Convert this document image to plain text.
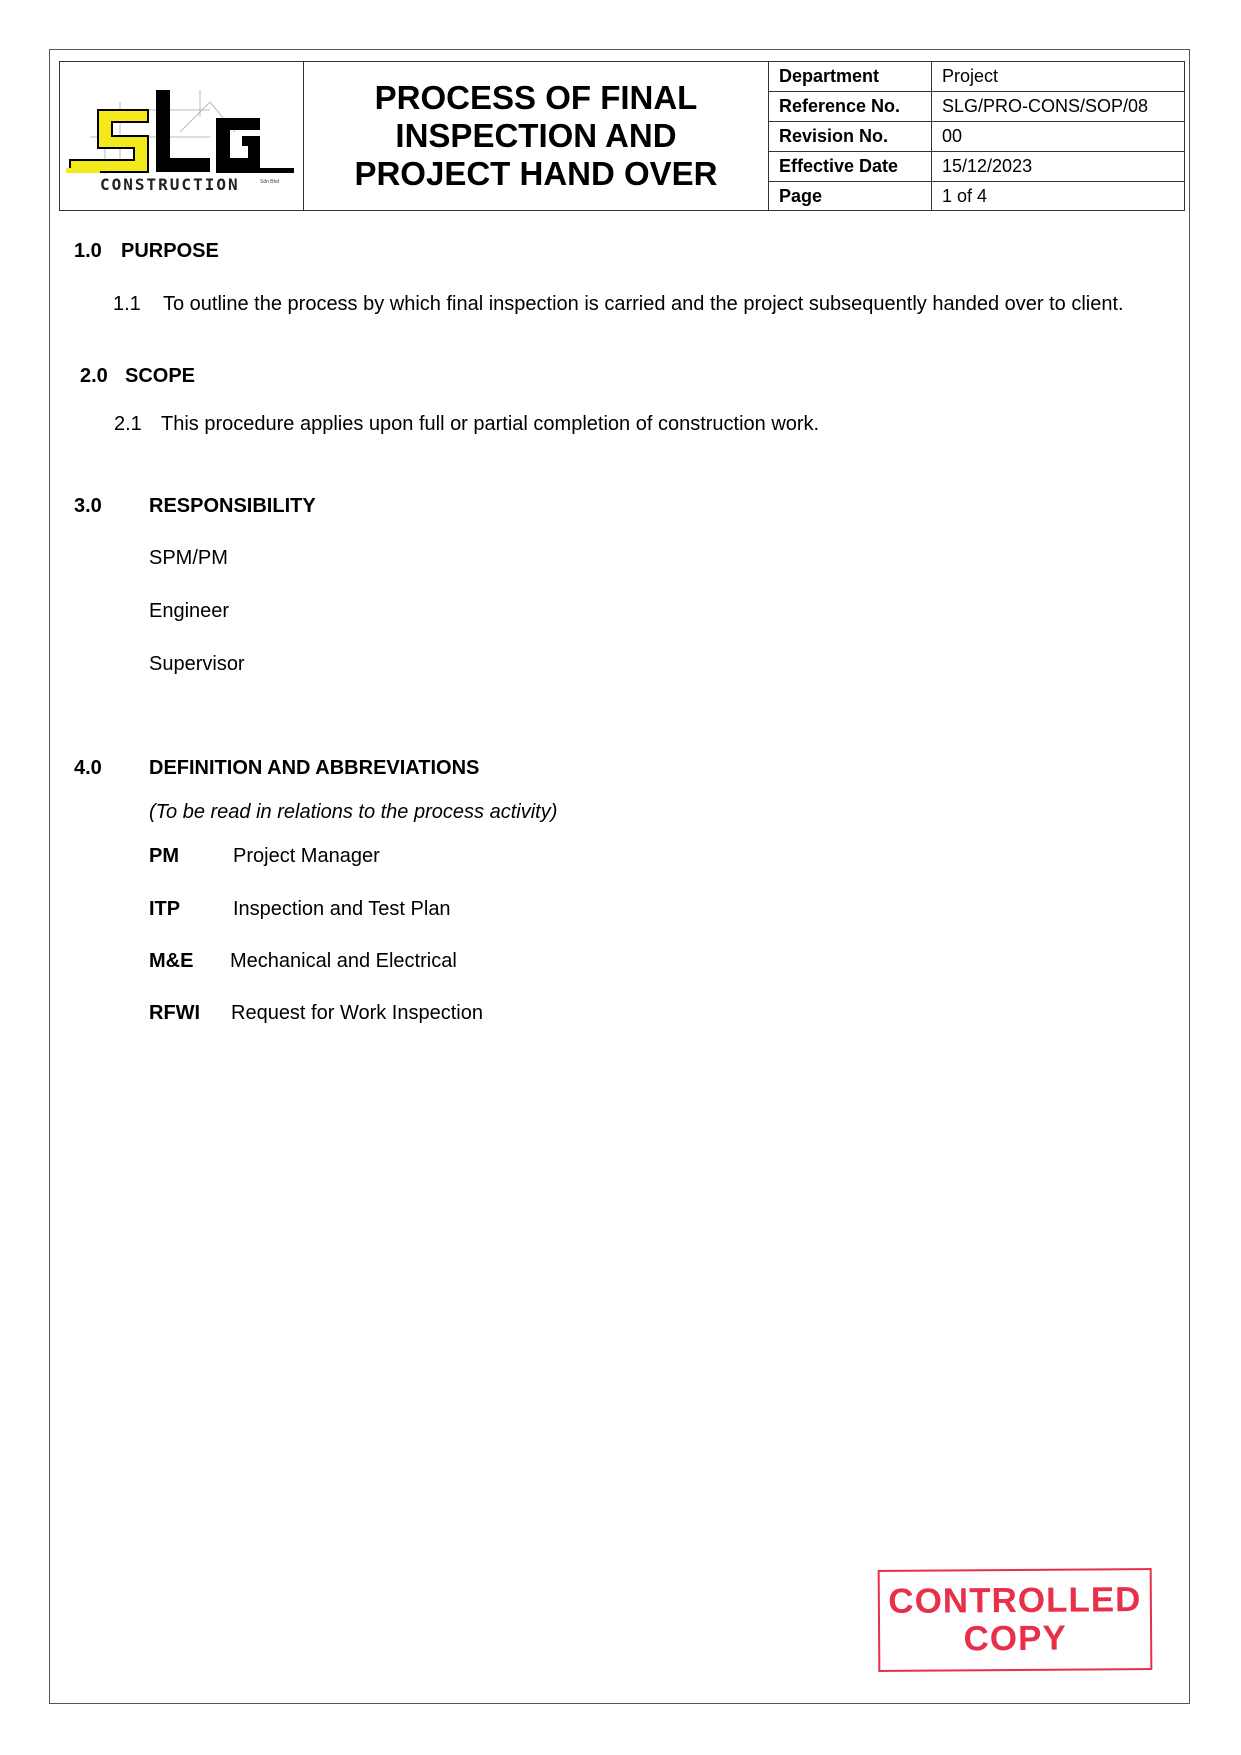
CONSTRUCTION	Sdn Bhd
PROCESS OF FINAL
INSPECTION AND
PROJECT HAND OVER
Department	Project
Reference No.	SLG/PRO-CONS/SOP/08
Revision No.	00
Effective Date	15/12/2023
Page	1 of 4
1.0 PURPOSE
1.1 To outline the process by which final inspection is carried and the project subsequently handed over to client.
2.0 SCOPE
2.1 This procedure applies upon full or partial completion of construction work.
3.0 RESPONSIBILITY
SPM/PM
Engineer
Supervisor
4.0 DEFINITION AND ABBREVIATIONS
(To be read in relations to the process activity)
PM	Project Manager
ITP	Inspection and Test Plan
M&E Mechanical and Electrical
RFWI Request for Work Inspection
CONTROLLED
COPY
